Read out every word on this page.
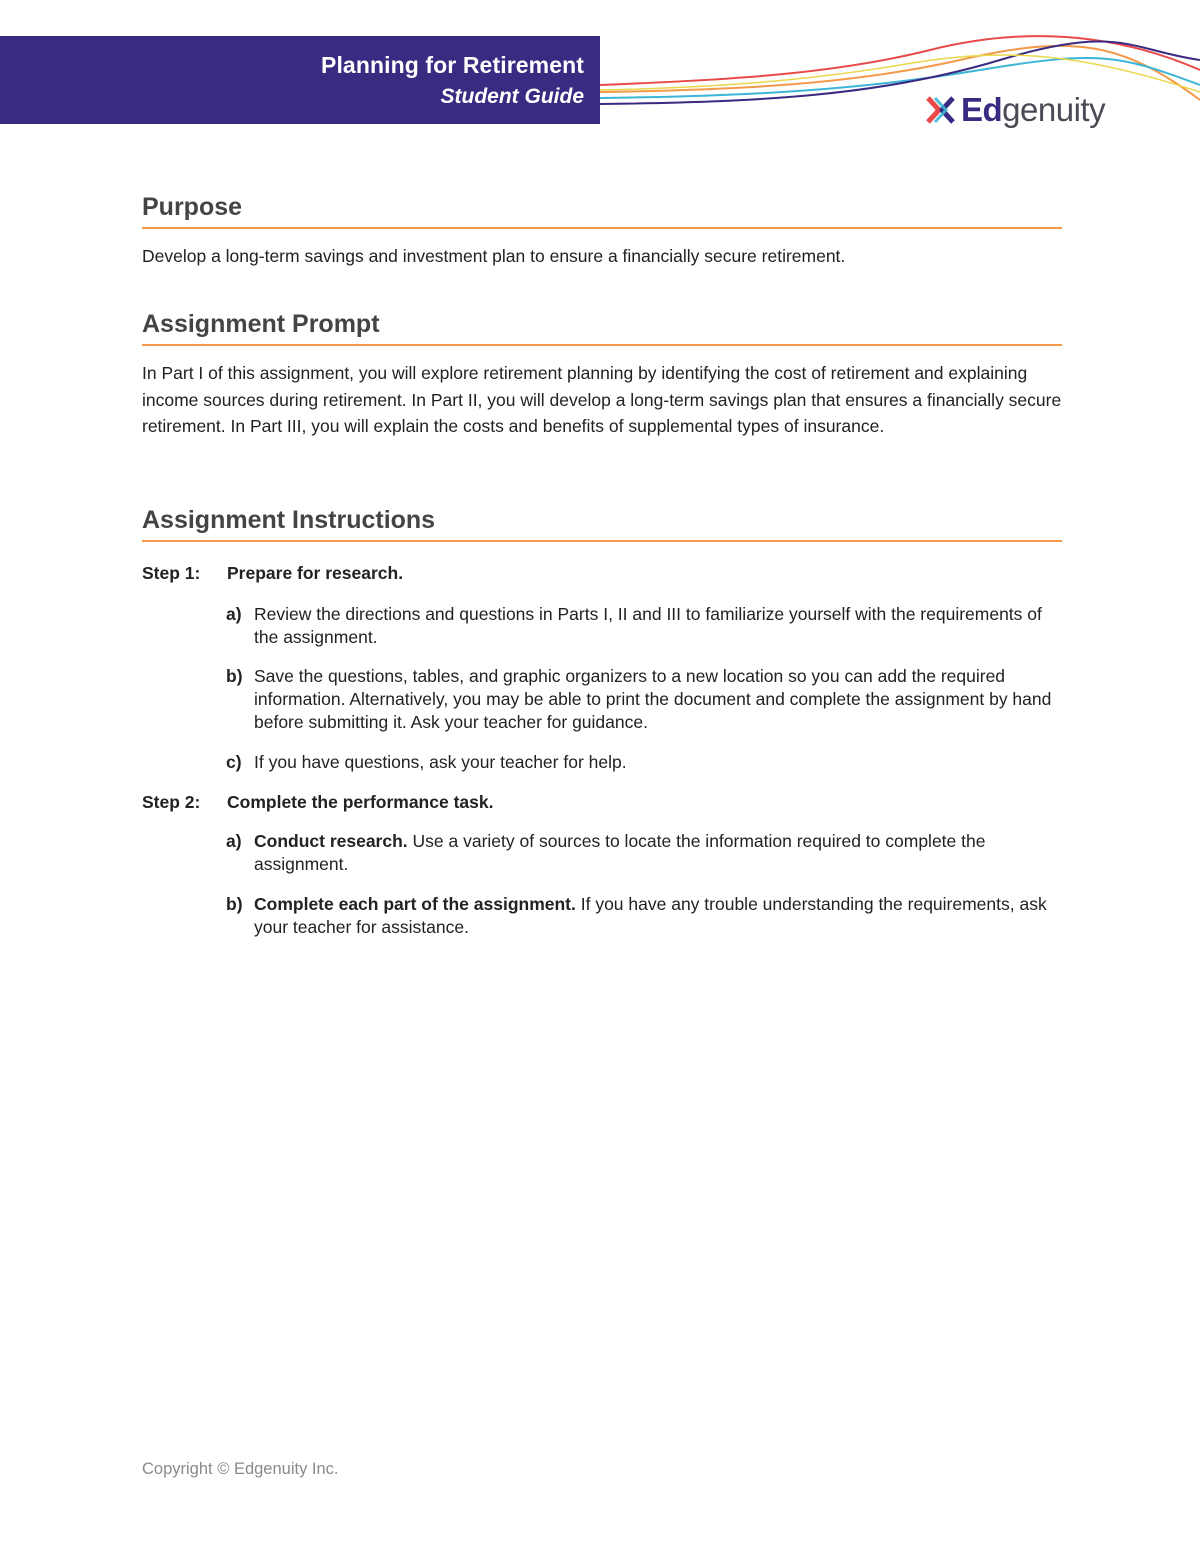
Planning for Retirement
Student Guide	Edgenuity
Purpose

Develop a long-term savings and investment plan to ensure a financially secure retirement.

Assignment Prompt

In Part I of this assignment, you will explore retirement planning by identifying the cost of retirement and explaining income sources during retirement. In Part II, you will develop a long-term savings plan that ensures a financially secure retirement. In Part III, you will explain the costs and benefits of supplemental types of insurance.

Assignment Instructions
Step 1: Prepare for research.
a) Review the directions and questions in Parts I, II and III to familiarize yourself with the requirements of the assignment.
b) Save the questions, tables, and graphic organizers to a new location so you can add the required information. Alternatively, you may be able to print the document and complete the assignment by hand before submitting it. Ask your teacher for guidance.
c) If you have questions, ask your teacher for help.
Step 2: Complete the performance task.
a) Conduct research. Use a variety of sources to locate the information required to complete the assignment.
b) Complete each part of the assignment. If you have any trouble understanding the requirements, ask your teacher for assistance.
Copyright © Edgenuity Inc.
